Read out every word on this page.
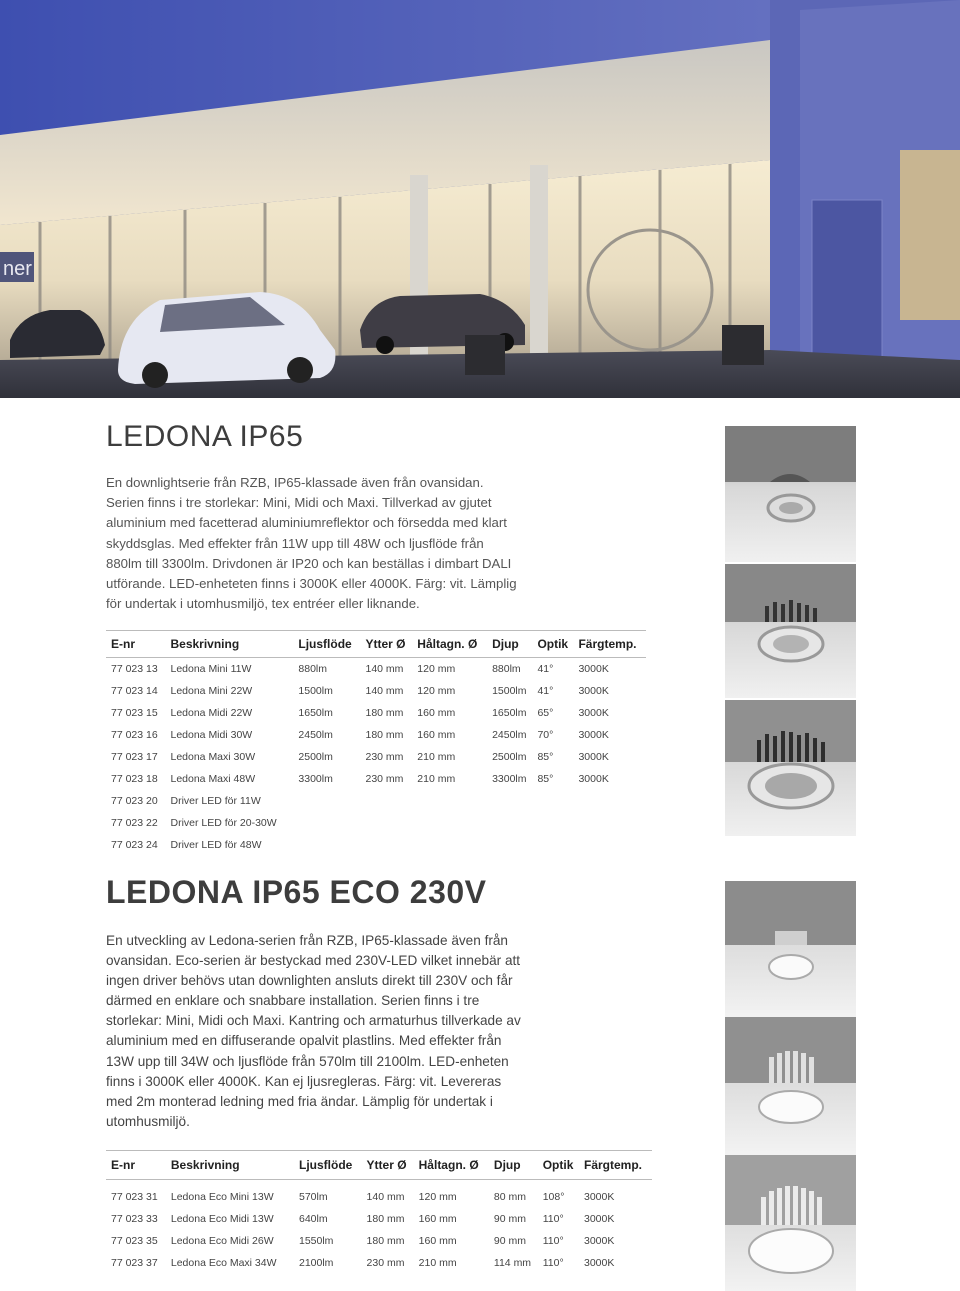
ner
LEDONA IP65

En downlightserie från RZB, IP65-klassade även från ovansidan. Serien finns i tre storlekar: Mini, Midi och Maxi. Tillverkad av gjutet aluminium med facetterad aluminiumreflektor och försedda med klart skyddsglas. Med effekter från 11W upp till 48W och ljusflöde från 880lm till 3300lm. Drivdonen är IP20 och kan beställas i dimbart DALI utförande. LED-enheteten finns i 3000K eller 4000K. Färg: vit. Lämplig för undertak i utomhusmiljö, tex entréer eller liknande.

E-nr	Beskrivning	Ljusflöde	Ytter Ø	Håltagn. Ø	Djup	Optik	Färgtemp.
77 023 13	Ledona Mini 11W	880lm	140 mm	120 mm	880lm	41°	3000K
77 023 14	Ledona Mini 22W	1500lm	140 mm	120 mm	1500lm	41°	3000K
77 023 15	Ledona Midi 22W	1650lm	180 mm	160 mm	1650lm	65°	3000K
77 023 16	Ledona Midi 30W	2450lm	180 mm	160 mm	2450lm	70°	3000K
77 023 17	Ledona Maxi 30W	2500lm	230 mm	210 mm	2500lm	85°	3000K
77 023 18	Ledona Maxi 48W	3300lm	230 mm	210 mm	3300lm	85°	3000K
77 023 20	Driver LED för 11W						
77 023 22	Driver LED för 20-30W						
77 023 24	Driver LED för 48W						
LEDONA IP65 ECO 230V

En utveckling av Ledona-serien från RZB, IP65-klassade även från ovansidan. Eco-serien är bestyckad med 230V-LED vilket innebär att ingen driver behövs utan downlighten ansluts direkt till 230V och får därmed en enklare och snabbare installation. Serien finns i tre storlekar: Mini, Midi och Maxi. Kantring och armaturhus tillverkade av aluminium med en diffuserande opalvit plastlins. Med effekter från 13W upp till 34W och ljusflöde från 570lm till 2100lm. LED-enheten finns i 3000K eller 4000K. Kan ej ljusregleras. Färg: vit. Levereras med 2m monterad ledning med fria ändar. Lämplig för undertak i utomhusmiljö.

E-nr	Beskrivning	Ljusflöde	Ytter Ø	Håltagn. Ø	Djup	Optik	Färgtemp.
77 023 31	Ledona Eco Mini 13W	570lm	140 mm	120 mm	80 mm	108°	3000K
77 023 33	Ledona Eco Midi 13W	640lm	180 mm	160 mm	90 mm	110°	3000K
77 023 35	Ledona Eco Midi 26W	1550lm	180 mm	160 mm	90 mm	110°	3000K
77 023 37	Ledona Eco Maxi 34W	2100lm	230 mm	210 mm	114 mm	110°	3000K
